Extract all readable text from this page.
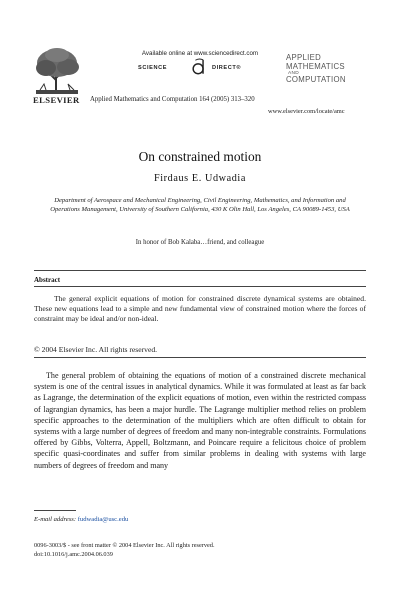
Available online at www.sciencedirect.com
SCIENCE	DIRECT®
ELSEVIER Applied Mathematics and Computation 164 (2005) 313–320
APPLIED
MATHEMATICS
AND
COMPUTATION
www.elsevier.com/locate/amc
On constrained motion
Firdaus E. Udwadia
Department of Aerospace and Mechanical Engineering, Civil Engineering, Mathematics, and Information and Operations Management, University of Southern California, 430 K Olin Hall, Los Angeles, CA 90089-1453, USA
In honor of Bob Kalaba…friend, and colleague
Abstract
The general explicit equations of motion for constrained discrete dynamical systems are obtained. These new equations lead to a simple and new fundamental view of constrained motion where the forces of constraint may be ideal and/or non-ideal.
© 2004 Elsevier Inc. All rights reserved.
The general problem of obtaining the equations of motion of a constrained discrete mechanical system is one of the central issues in analytical dynamics. While it was formulated at least as far back as Lagrange, the determination of the explicit equations of motion, even within the restricted compass of lagrangian dynamics, has been a major hurdle. The Lagrange multiplier method relies on problem specific approaches to the determination of the multipliers which are often difficult to obtain for systems with a large number of degrees of freedom and many non-integrable constraints. Formulations offered by Gibbs, Volterra, Appell, Boltzmann, and Poincare require a felicitous choice of problem specific quasi-coordinates and suffer from similar problems in dealing with systems with large numbers of degrees of freedom and many
E-mail address: fudwadia@usc.edu
0096-3003/$ - see front matter © 2004 Elsevier Inc. All rights reserved.
doi:10.1016/j.amc.2004.06.039
